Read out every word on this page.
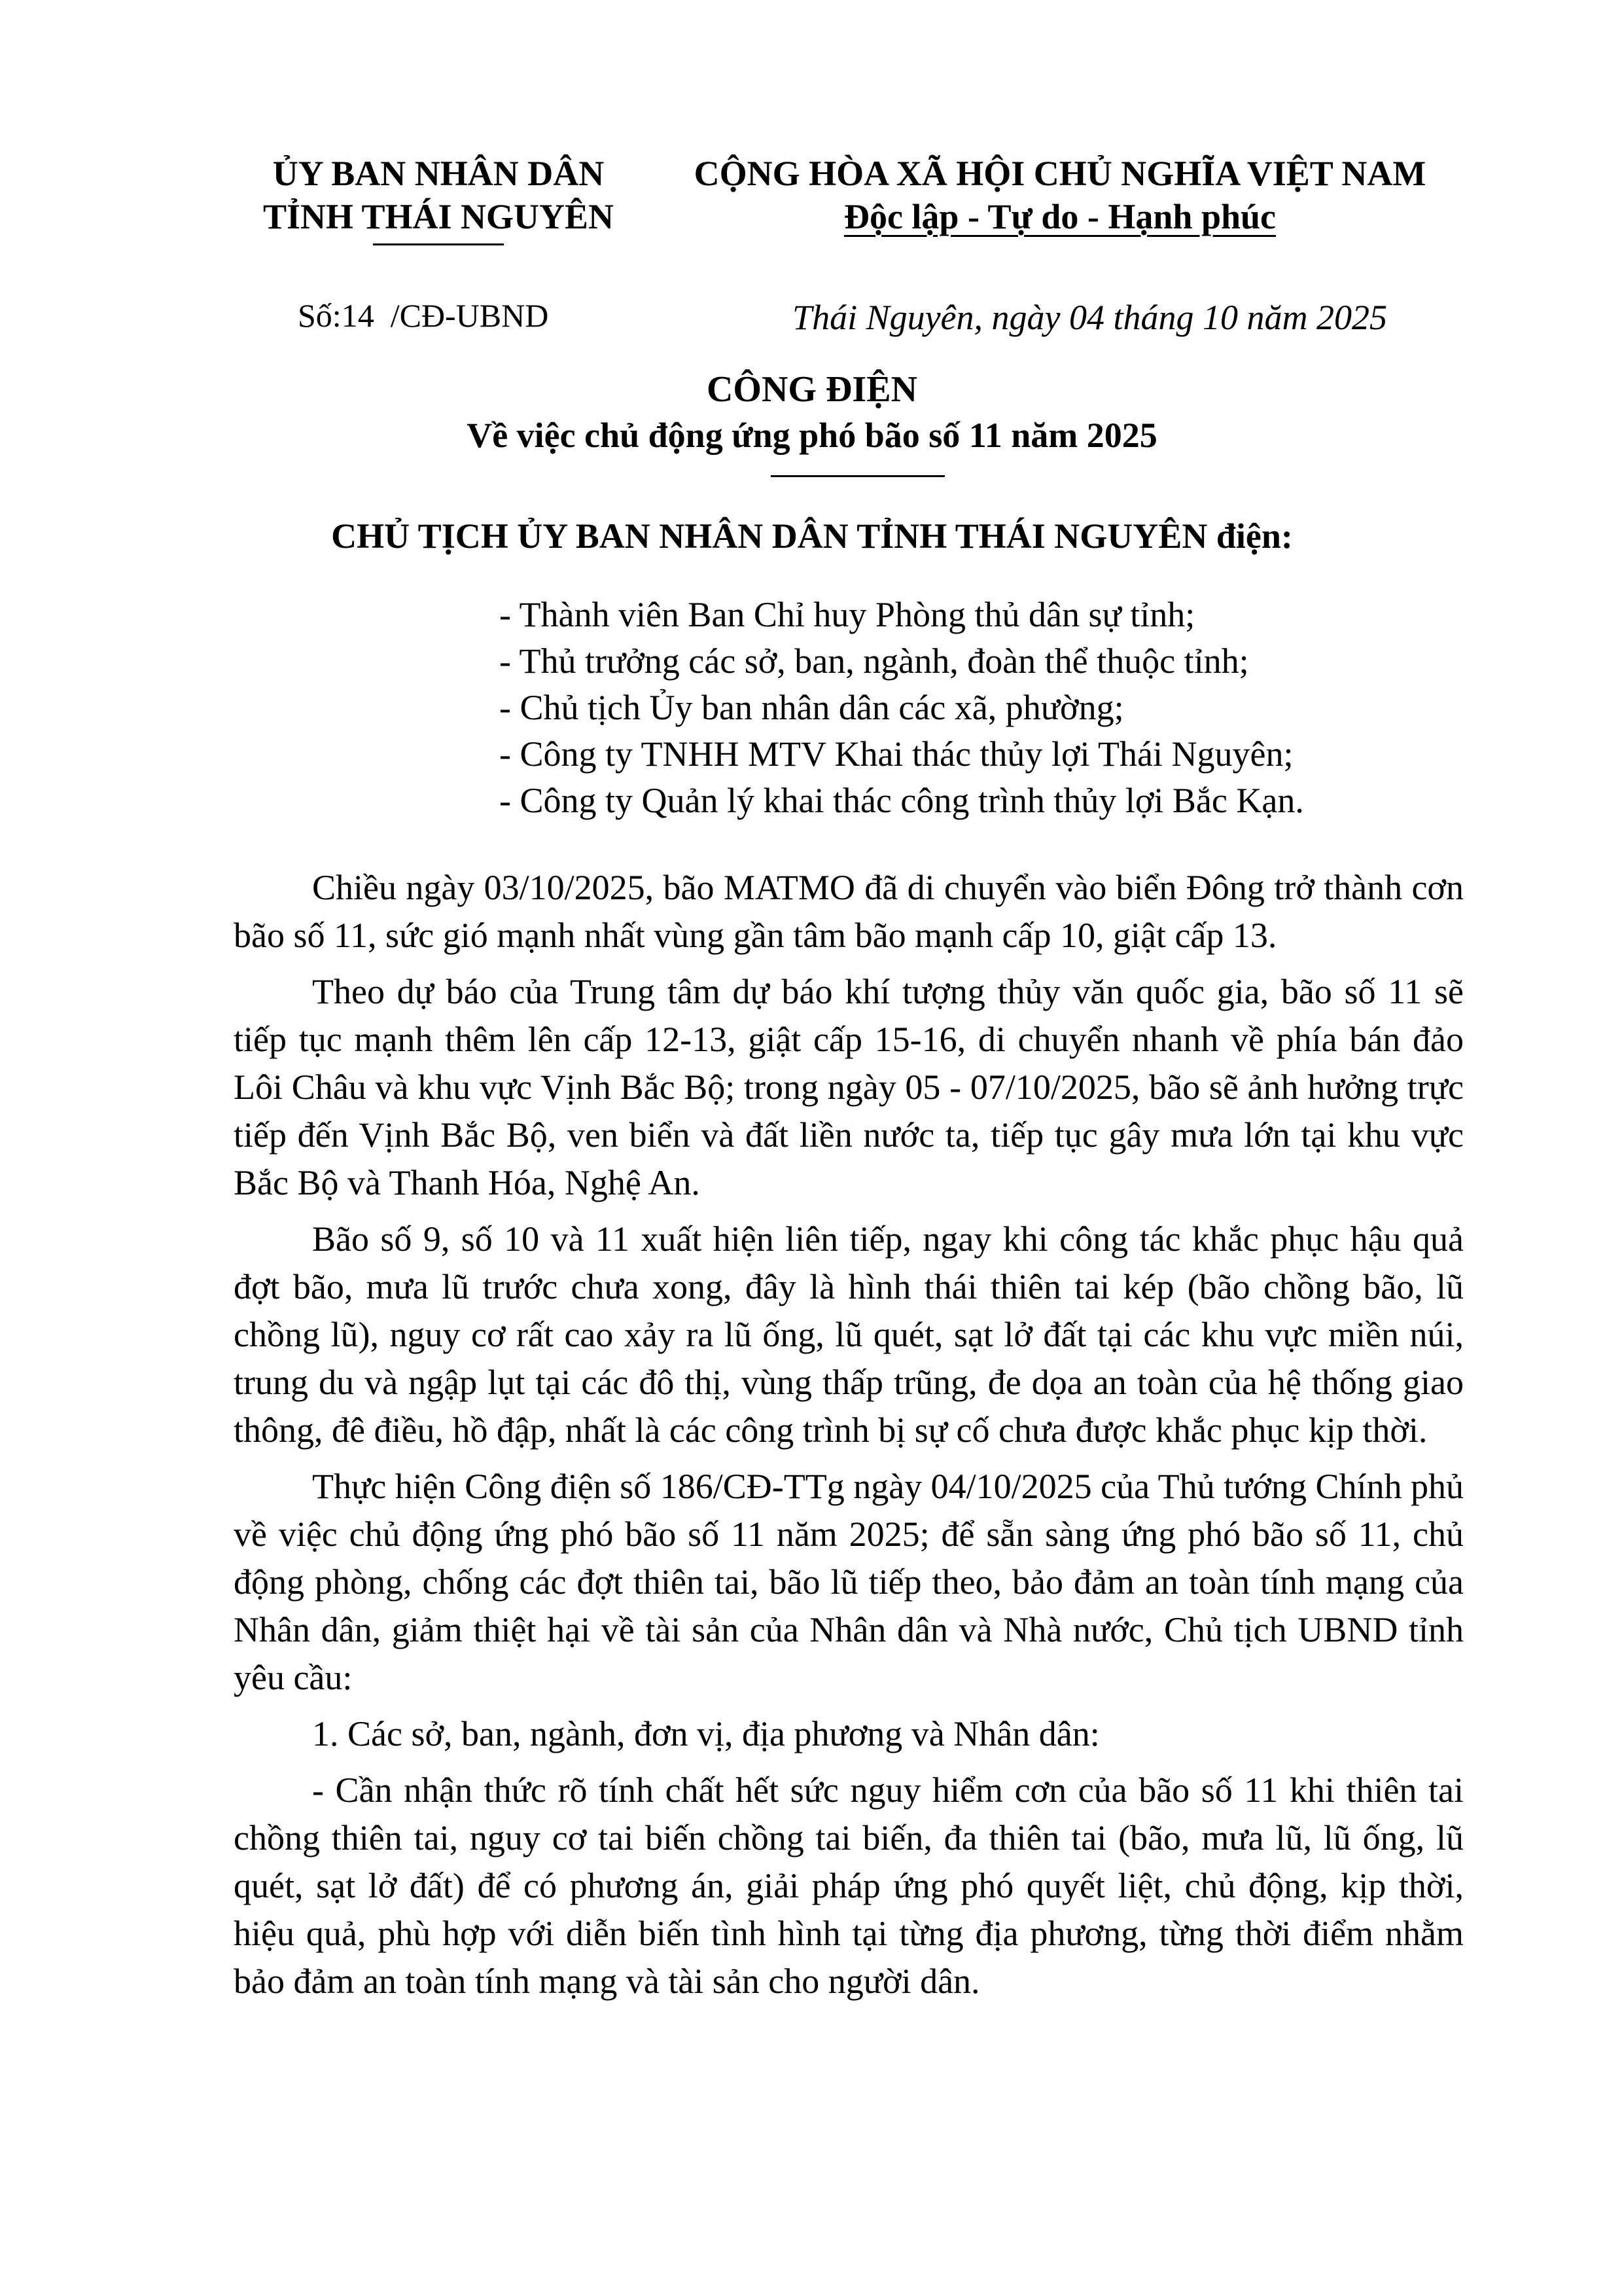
ỦY BAN NHÂN DÂN
TỈNH THÁI NGUYÊN
CỘNG HÒA XÃ HỘI CHỦ NGHĨA VIỆT NAM
Độc lập - Tự do - Hạnh phúc
Số:14  /CĐ-UBND	Thái Nguyên, ngày 04 tháng 10 năm 2025
CÔNG ĐIỆN
Về việc chủ động ứng phó bão số 11 năm 2025
CHỦ TỊCH ỦY BAN NHÂN DÂN TỈNH THÁI NGUYÊN điện:
- Thành viên Ban Chỉ huy Phòng thủ dân sự tỉnh;
- Thủ trưởng các sở, ban, ngành, đoàn thể thuộc tỉnh;
- Chủ tịch Ủy ban nhân dân các xã, phường;
- Công ty TNHH MTV Khai thác thủy lợi Thái Nguyên;
- Công ty Quản lý khai thác công trình thủy lợi Bắc Kạn.

Chiều ngày 03/10/2025, bão MATMO đã di chuyển vào biển Đông trở thành cơn bão số 11, sức gió mạnh nhất vùng gần tâm bão mạnh cấp 10, giật cấp 13.

Theo dự báo của Trung tâm dự báo khí tượng thủy văn quốc gia, bão số 11 sẽ tiếp tục mạnh thêm lên cấp 12-13, giật cấp 15-16, di chuyển nhanh về phía bán đảo Lôi Châu và khu vực Vịnh Bắc Bộ; trong ngày 05 - 07/10/2025, bão sẽ ảnh hưởng trực tiếp đến Vịnh Bắc Bộ, ven biển và đất liền nước ta, tiếp tục gây mưa lớn tại khu vực Bắc Bộ và Thanh Hóa, Nghệ An.

Bão số 9, số 10 và 11 xuất hiện liên tiếp, ngay khi công tác khắc phục hậu quả đợt bão, mưa lũ trước chưa xong, đây là hình thái thiên tai kép (bão chồng bão, lũ chồng lũ), nguy cơ rất cao xảy ra lũ ống, lũ quét, sạt lở đất tại các khu vực miền núi, trung du và ngập lụt tại các đô thị, vùng thấp trũng, đe dọa an toàn của hệ thống giao thông, đê điều, hồ đập, nhất là các công trình bị sự cố chưa được khắc phục kịp thời.

Thực hiện Công điện số 186/CĐ-TTg ngày 04/10/2025 của Thủ tướng Chính phủ về việc chủ động ứng phó bão số 11 năm 2025; để sẵn sàng ứng phó bão số 11, chủ động phòng, chống các đợt thiên tai, bão lũ tiếp theo, bảo đảm an toàn tính mạng của Nhân dân, giảm thiệt hại về tài sản của Nhân dân và Nhà nước, Chủ tịch UBND tỉnh yêu cầu:

1. Các sở, ban, ngành, đơn vị, địa phương và Nhân dân:

- Cần nhận thức rõ tính chất hết sức nguy hiểm cơn của bão số 11 khi thiên tai chồng thiên tai, nguy cơ tai biến chồng tai biến, đa thiên tai (bão, mưa lũ, lũ ống, lũ quét, sạt lở đất) để có phương án, giải pháp ứng phó quyết liệt, chủ động, kịp thời, hiệu quả, phù hợp với diễn biến tình hình tại từng địa phương, từng thời điểm nhằm bảo đảm an toàn tính mạng và tài sản cho người dân.
